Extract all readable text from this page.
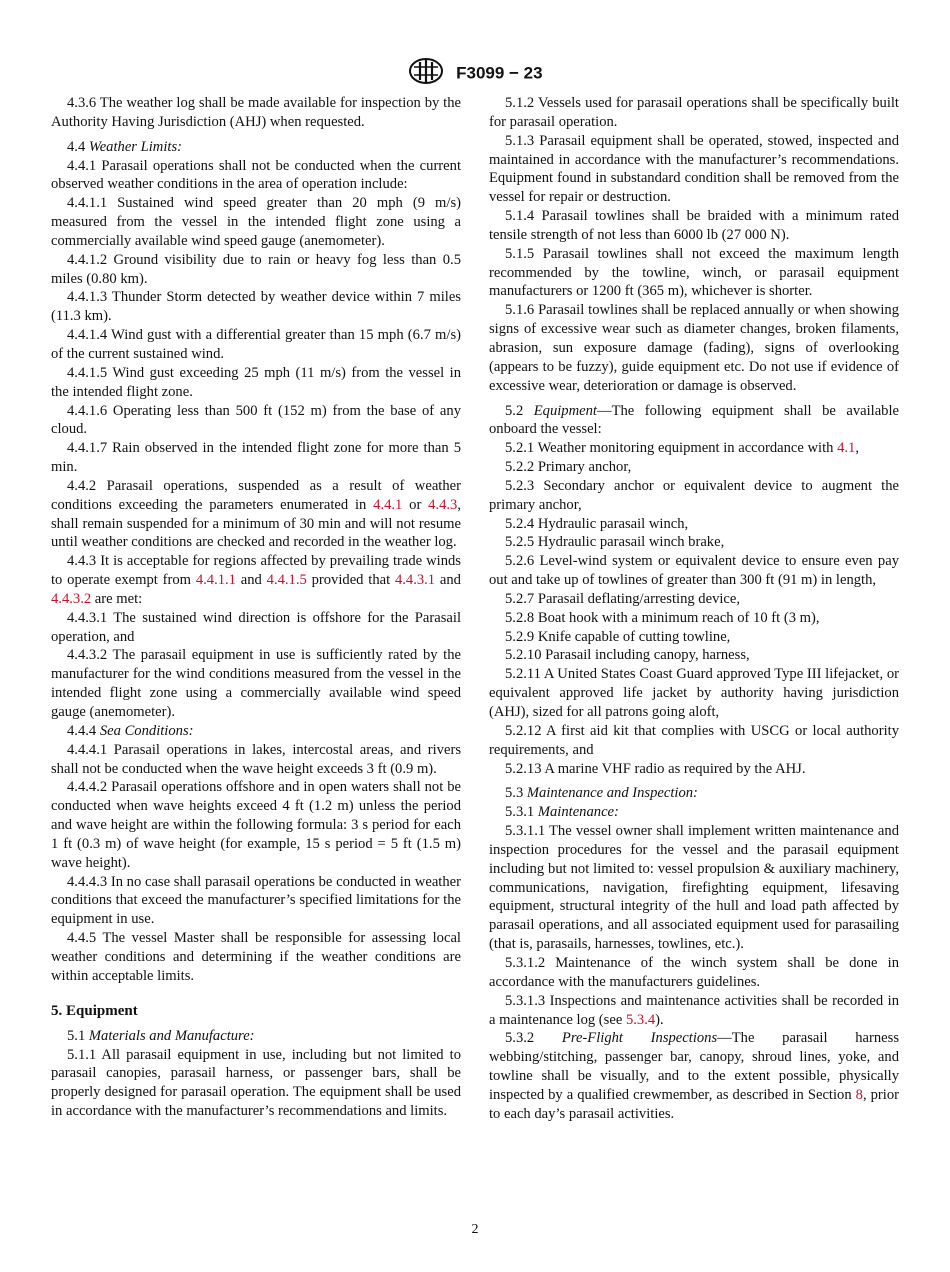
F3099 − 23

4.3.6 The weather log shall be made available for inspection by the Authority Having Jurisdiction (AHJ) when requested.

4.4 Weather Limits:

4.4.1 Parasail operations shall not be conducted when the current observed weather conditions in the area of operation include:

4.4.1.1 Sustained wind speed greater than 20 mph (9 m/s) measured from the vessel in the intended flight zone using a commercially available wind speed gauge (anemometer).

4.4.1.2 Ground visibility due to rain or heavy fog less than 0.5 miles (0.80 km).

4.4.1.3 Thunder Storm detected by weather device within 7 miles (11.3 km).

4.4.1.4 Wind gust with a differential greater than 15 mph (6.7 m/s) of the current sustained wind.

4.4.1.5 Wind gust exceeding 25 mph (11 m/s) from the vessel in the intended flight zone.

4.4.1.6 Operating less than 500 ft (152 m) from the base of any cloud.

4.4.1.7 Rain observed in the intended flight zone for more than 5 min.

4.4.2 Parasail operations, suspended as a result of weather conditions exceeding the parameters enumerated in 4.4.1 or 4.4.3, shall remain suspended for a minimum of 30 min and will not resume until weather conditions are checked and recorded in the weather log.

4.4.3 It is acceptable for regions affected by prevailing trade winds to operate exempt from 4.4.1.1 and 4.4.1.5 provided that 4.4.3.1 and 4.4.3.2 are met:

4.4.3.1 The sustained wind direction is offshore for the Parasail operation, and

4.4.3.2 The parasail equipment in use is sufficiently rated by the manufacturer for the wind conditions measured from the vessel in the intended flight zone using a commercially available wind speed gauge (anemometer).

4.4.4 Sea Conditions:

4.4.4.1 Parasail operations in lakes, intercostal areas, and rivers shall not be conducted when the wave height exceeds 3 ft (0.9 m).

4.4.4.2 Parasail operations offshore and in open waters shall not be conducted when wave heights exceed 4 ft (1.2 m) unless the period and wave height are within the following formula: 3 s period for each 1 ft (0.3 m) of wave height (for example, 15 s period = 5 ft (1.5 m) wave height).

4.4.4.3 In no case shall parasail operations be conducted in weather conditions that exceed the manufacturer’s specified limitations for the equipment in use.

4.4.5 The vessel Master shall be responsible for assessing local weather conditions and determining if the weather conditions are within acceptable limits.

5. Equipment

5.1 Materials and Manufacture:

5.1.1 All parasail equipment in use, including but not limited to parasail canopies, parasail harness, or passenger bars, shall be properly designed for parasail operation. The equipment shall be used in accordance with the manufacturer’s recommendations and limits.

5.1.2 Vessels used for parasail operations shall be specifically built for parasail operation.

5.1.3 Parasail equipment shall be operated, stowed, inspected and maintained in accordance with the manufacturer’s recommendations. Equipment found in substandard condition shall be removed from the vessel for repair or destruction.

5.1.4 Parasail towlines shall be braided with a minimum rated tensile strength of not less than 6000 lb (27 000 N).

5.1.5 Parasail towlines shall not exceed the maximum length recommended by the towline, winch, or parasail equipment manufacturers or 1200 ft (365 m), whichever is shorter.

5.1.6 Parasail towlines shall be replaced annually or when showing signs of excessive wear such as diameter changes, broken filaments, abrasion, sun exposure damage (fading), signs of overlooking (appears to be fuzzy), guide equipment etc. Do not use if evidence of excessive wear, deterioration or damage is observed.

5.2 Equipment—The following equipment shall be available onboard the vessel:

5.2.1 Weather monitoring equipment in accordance with 4.1,

5.2.2 Primary anchor,

5.2.3 Secondary anchor or equivalent device to augment the primary anchor,

5.2.4 Hydraulic parasail winch,

5.2.5 Hydraulic parasail winch brake,

5.2.6 Level-wind system or equivalent device to ensure even pay out and take up of towlines of greater than 300 ft (91 m) in length,

5.2.7 Parasail deflating/arresting device,

5.2.8 Boat hook with a minimum reach of 10 ft (3 m),

5.2.9 Knife capable of cutting towline,

5.2.10 Parasail including canopy, harness,

5.2.11 A United States Coast Guard approved Type III lifejacket, or equivalent approved life jacket by authority having jurisdiction (AHJ), sized for all patrons going aloft,

5.2.12 A first aid kit that complies with USCG or local authority requirements, and

5.2.13 A marine VHF radio as required by the AHJ.

5.3 Maintenance and Inspection:

5.3.1 Maintenance:

5.3.1.1 The vessel owner shall implement written maintenance and inspection procedures for the vessel and the parasail equipment including but not limited to: vessel propulsion & auxiliary machinery, communications, navigation, firefighting equipment, lifesaving equipment, structural integrity of the hull and load path affected by parasail operations, and all associated equipment used for parasailing (that is, parasails, harnesses, towlines, etc.).

5.3.1.2 Maintenance of the winch system shall be done in accordance with the manufacturers guidelines.

5.3.1.3 Inspections and maintenance activities shall be recorded in a maintenance log (see 5.3.4).

5.3.2 Pre-Flight Inspections—The parasail harness webbing/stitching, passenger bar, canopy, shroud lines, yoke, and towline shall be visually, and to the extent possible, physically inspected by a qualified crewmember, as described in Section 8, prior to each day’s parasail activities.

2
